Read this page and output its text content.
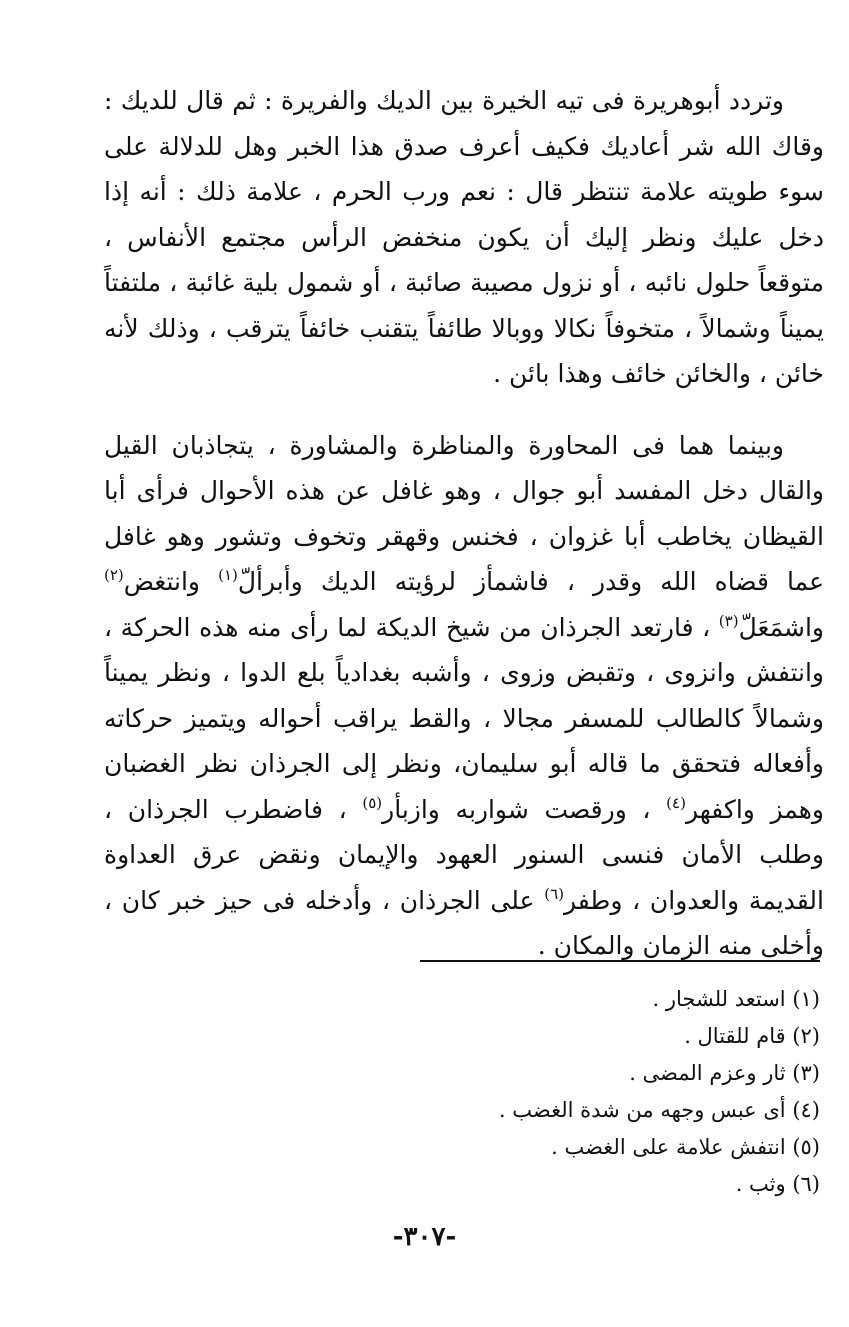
وتردد أبوهريرة فى تيه الخيرة بين الديك والفريرة : ثم قال للديك : وقاك الله شر أعاديك فكيف أعرف صدق هذا الخبر وهل للدلالة على سوء طويته علامة تنتظر قال : نعم ورب الحرم ، علامة ذلك : أنه إذا دخل عليك ونظر إليك أن يكون منخفض الرأس مجتمع الأنفاس ، متوقعاً حلول نائبه ، أو نزول مصيبة صائبة ، أو شمول بلية غائبة ، ملتفتاً يميناً وشمالاً ، متخوفاً نكالا ووبالا طائفاً يتقنب خائفاً يترقب ، وذلك لأنه خائن ، والخائن خائف وهذا بائن .

وبينما هما فى المحاورة والمناظرة والمشاورة ، يتجاذبان القيل والقال دخل المفسد أبو جوال ، وهو غافل عن هذه الأحوال فرأى أبا القيظان يخاطب أبا غزوان ، فخنس وقهقر وتخوف وتشور وهو غافل عما قضاه الله وقدر ، فاشمأز لرؤيته الديك وأبرألّ$^{(١)}$ وانتغض$^{(٢)}$ واشمَعَلّ$^{(٣)}$ ، فارتعد الجرذان من شيخ الديكة لما رأى منه هذه الحركة ، وانتفش وانزوى ، وتقبض وزوى ، وأشبه بغدادياً بلع الدوا ، ونظر يميناً وشمالاً كالطالب للمسفر مجالا ، والقط يراقب أحواله ويتميز حركاته وأفعاله فتحقق ما قاله أبو سليمان، ونظر إلى الجرذان نظر الغضبان وهمز واكفهر$^{(٤)}$ ، ورقصت شواربه وازبأر$^{(٥)}$ ، فاضطرب الجرذان ، وطلب الأمان فنسى السنور العهود والإيمان ونقض عرق العداوة القديمة والعدوان ، وطفر$^{(٦)}$ على الجرذان ، وأدخله فى حيز خبر كان ، وأخلى منه الزمان والمكان .

(١) استعد للشجار .
(٢) قام للقتال .
(٣) ثار وعزم المضى .
(٤) أى عبس وجهه من شدة الغضب .
(٥) انتفش علامة على الغضب .
(٦) وثب .
-٣٠٧-
